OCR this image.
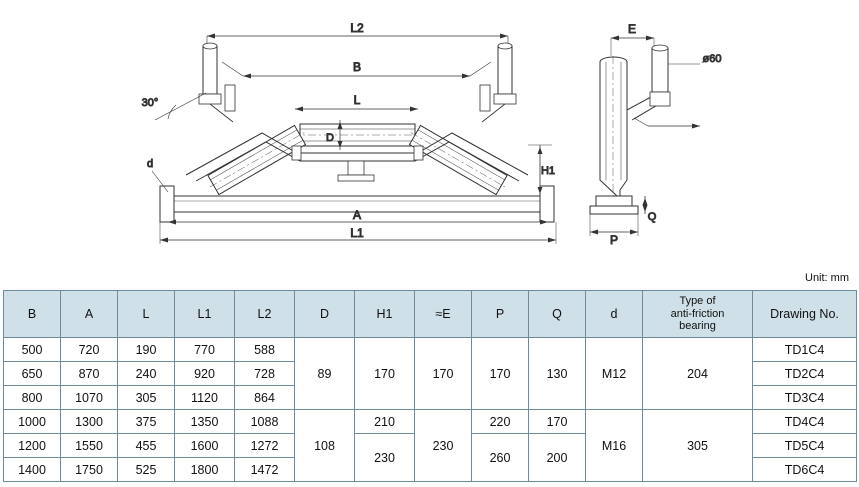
L2
B
L
D
30°
d
H1
A
L1
E
ø60
Q
P
Unit: mm
B	A	L	L1	L2	D	H1	≈E	P	Q	d	Type of
anti-friction
bearing	Drawing No.
500	720	190	770	588	89	170	170	170	130	M12	204	TD1C4
650	870	240	920	728								TD2C4
800	1070	305	1120	864								TD3C4
1000	1300	375	1350	1088	108	210	230	220	170	M16	305	TD4C4
1200	1550	455	1600	1272		230		260	200			TD5C4
1400	1750	525	1800	1472								TD6C4
